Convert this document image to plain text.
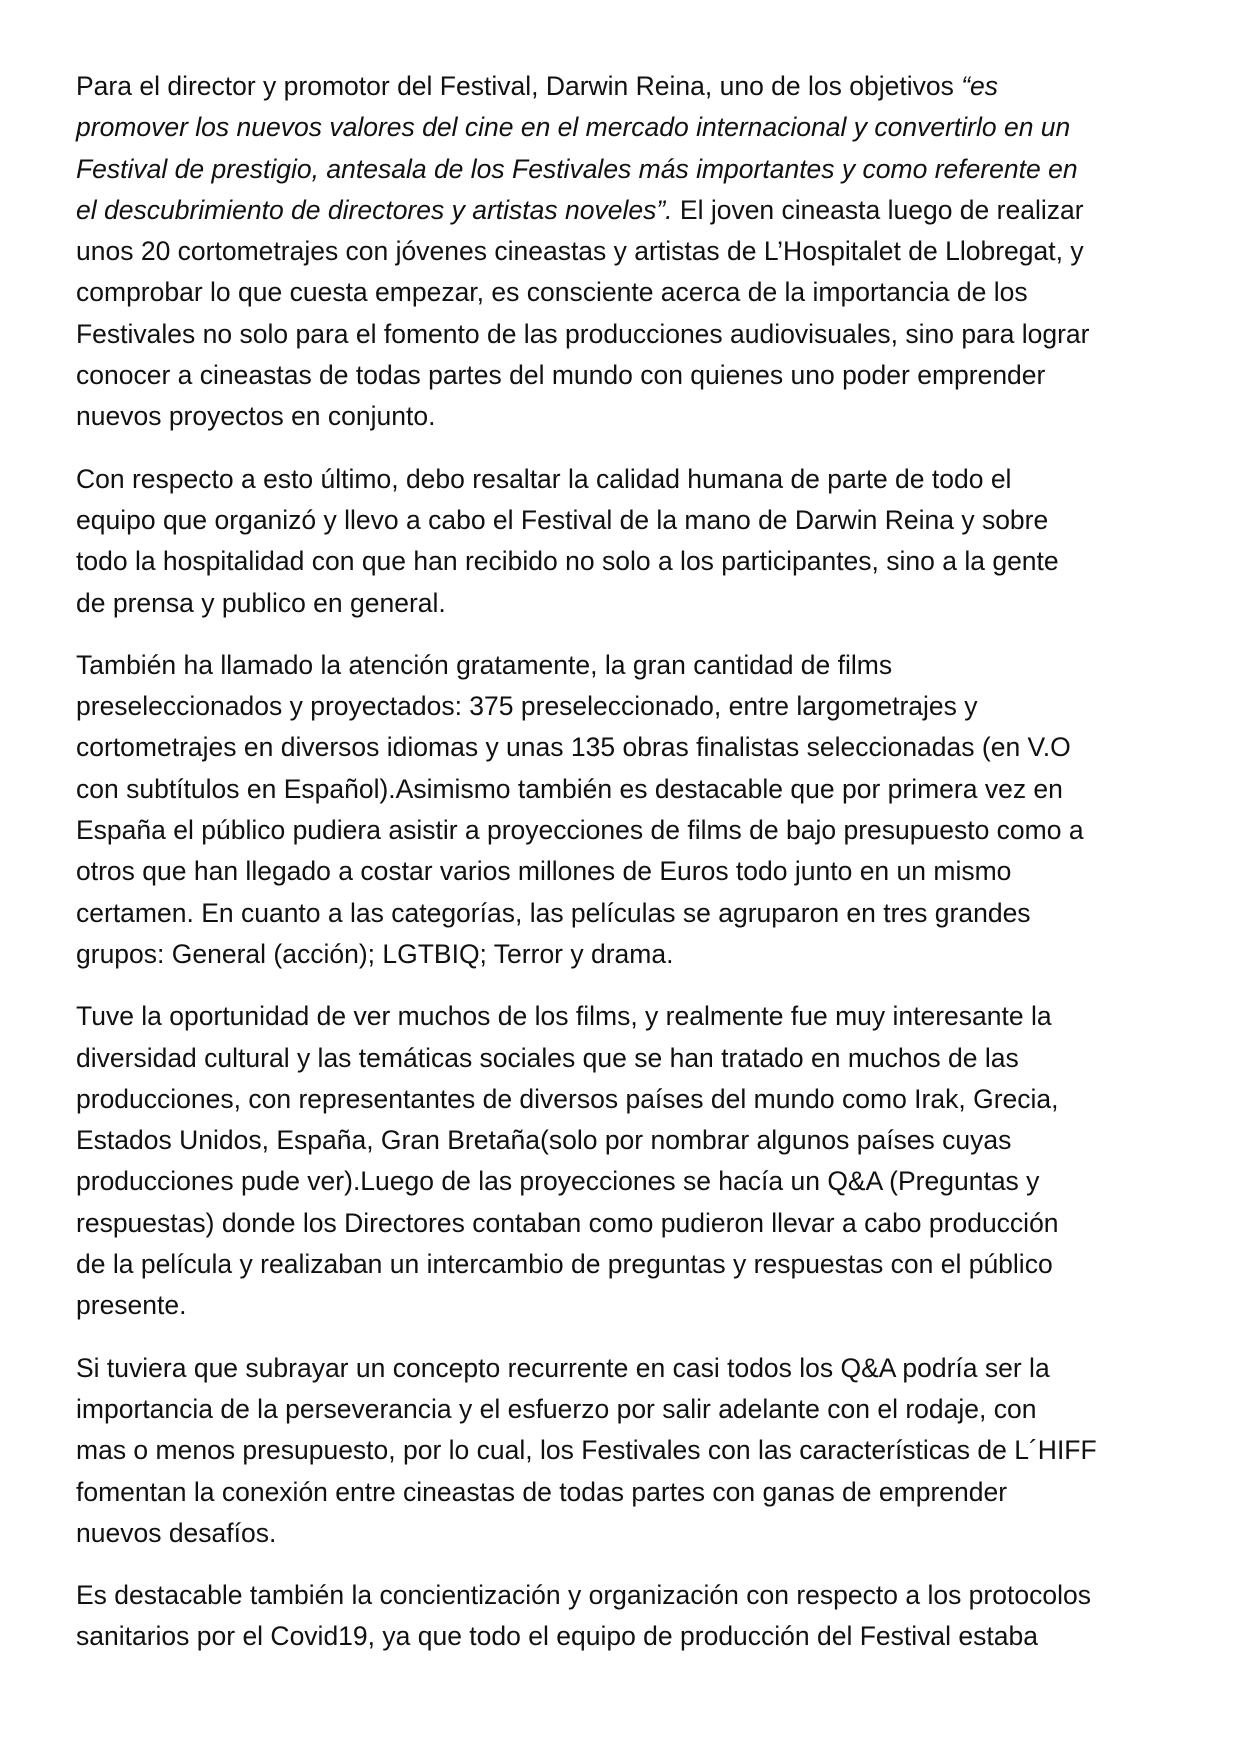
Para el director y promotor del Festival, Darwin Reina, uno de los objetivos “es
promover los nuevos valores del cine en el mercado internacional y convertirlo en un
Festival de prestigio, antesala de los Festivales más importantes y como referente en
el descubrimiento de directores y artistas noveles”. El joven cineasta luego de realizar
unos 20 cortometrajes con jóvenes cineastas y artistas de L’Hospitalet de Llobregat, y
comprobar lo que cuesta empezar, es consciente acerca de la importancia de los
Festivales no solo para el fomento de las producciones audiovisuales, sino para lograr
conocer a cineastas de todas partes del mundo con quienes uno poder emprender
nuevos proyectos en conjunto.
Con respecto a esto último, debo resaltar la calidad humana de parte de todo el
equipo que organizó y llevo a cabo el Festival de la mano de Darwin Reina y sobre
todo la hospitalidad con que han recibido no solo a los participantes, sino a la gente
de prensa y publico en general.
También ha llamado la atención gratamente, la gran cantidad de films
preseleccionados y proyectados: 375 preseleccionado, entre largometrajes y
cortometrajes en diversos idiomas y unas 135 obras finalistas seleccionadas (en V.O
con subtítulos en Español).Asimismo también es destacable que por primera vez en
España el público pudiera asistir a proyecciones de films de bajo presupuesto como a
otros que han llegado a costar varios millones de Euros todo junto en un mismo
certamen. En cuanto a las categorías, las películas se agruparon en tres grandes
grupos: General (acción); LGTBIQ; Terror y drama.
Tuve la oportunidad de ver muchos de los films, y realmente fue muy interesante la
diversidad cultural y las temáticas sociales que se han tratado en muchos de las
producciones, con representantes de diversos países del mundo como Irak, Grecia,
Estados Unidos, España, Gran Bretaña(solo por nombrar algunos países cuyas
producciones pude ver).Luego de las proyecciones se hacía un Q&A (Preguntas y
respuestas) donde los Directores contaban como pudieron llevar a cabo producción
de la película y realizaban un intercambio de preguntas y respuestas con el público
presente.
Si tuviera que subrayar un concepto recurrente en casi todos los Q&A podría ser la
importancia de la perseverancia y el esfuerzo por salir adelante con el rodaje, con
mas o menos presupuesto, por lo cual, los Festivales con las características de L´HIFF
fomentan la conexión entre cineastas de todas partes con ganas de emprender
nuevos desafíos.
Es destacable también la concientización y organización con respecto a los protocolos
sanitarios por el Covid19, ya que todo el equipo de producción del Festival estaba
